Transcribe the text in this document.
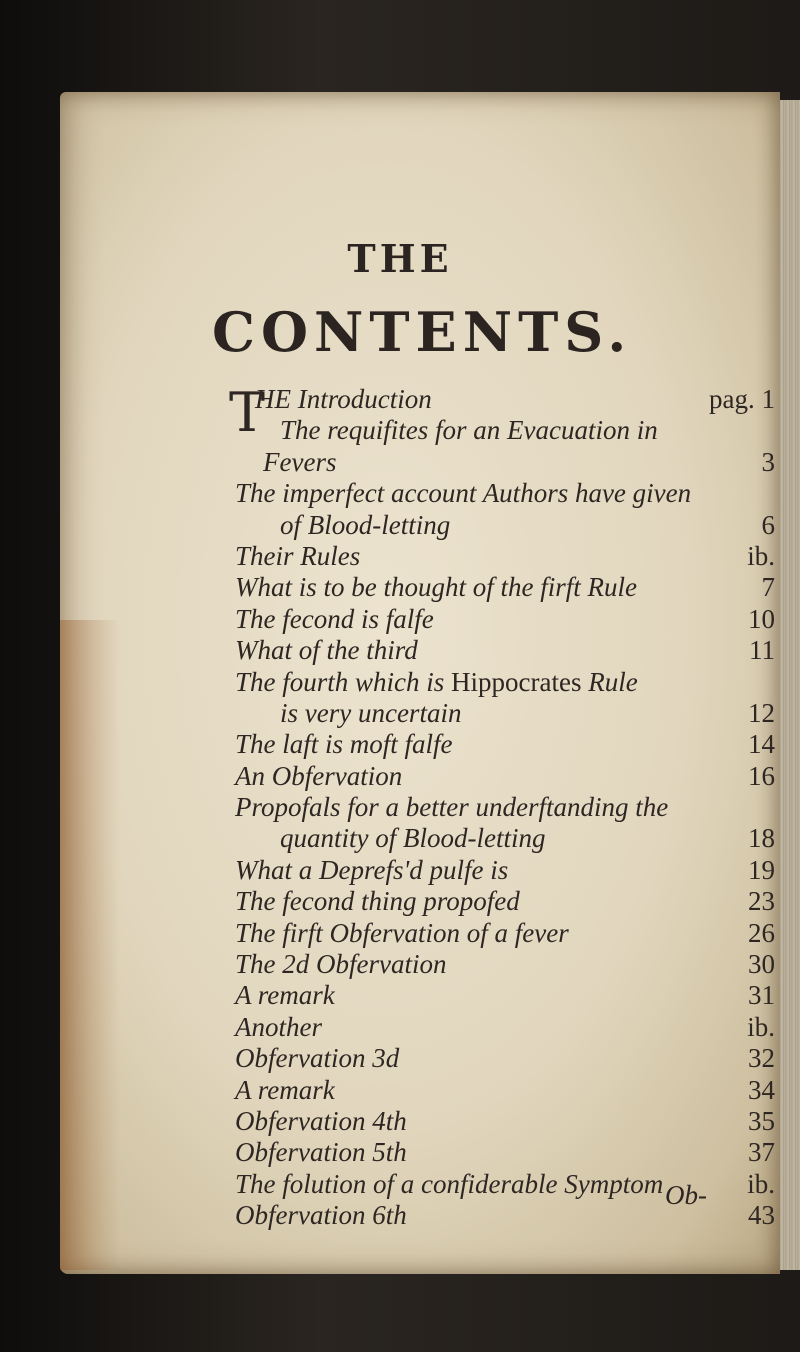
THE
CONTENTS.
T
HE Introduction	pag. 1
The requifites for an Evacuation in
Fevers	3
The imperfect account Authors have given
of Blood-letting	6
Their Rules	ib.
What is to be thought of the firft Rule	7
The fecond is falfe	10
What of the third	11
The fourth which is Hippocrates Rule
is very uncertain	12
The laft is moft falfe	14
An Obfervation	16
Propofals for a better underftanding the
quantity of Blood-letting	18
What a Deprefs'd pulfe is	19
The fecond thing propofed	23
The firft Obfervation of a fever	26
The 2d Obfervation	30
A remark	31
Another	ib.
Obfervation 3d	32
A remark	34
Obfervation 4th	35
Obfervation 5th	37
The folution of a confiderable Symptom	ib.
Obfervation 6th	43
Ob-
